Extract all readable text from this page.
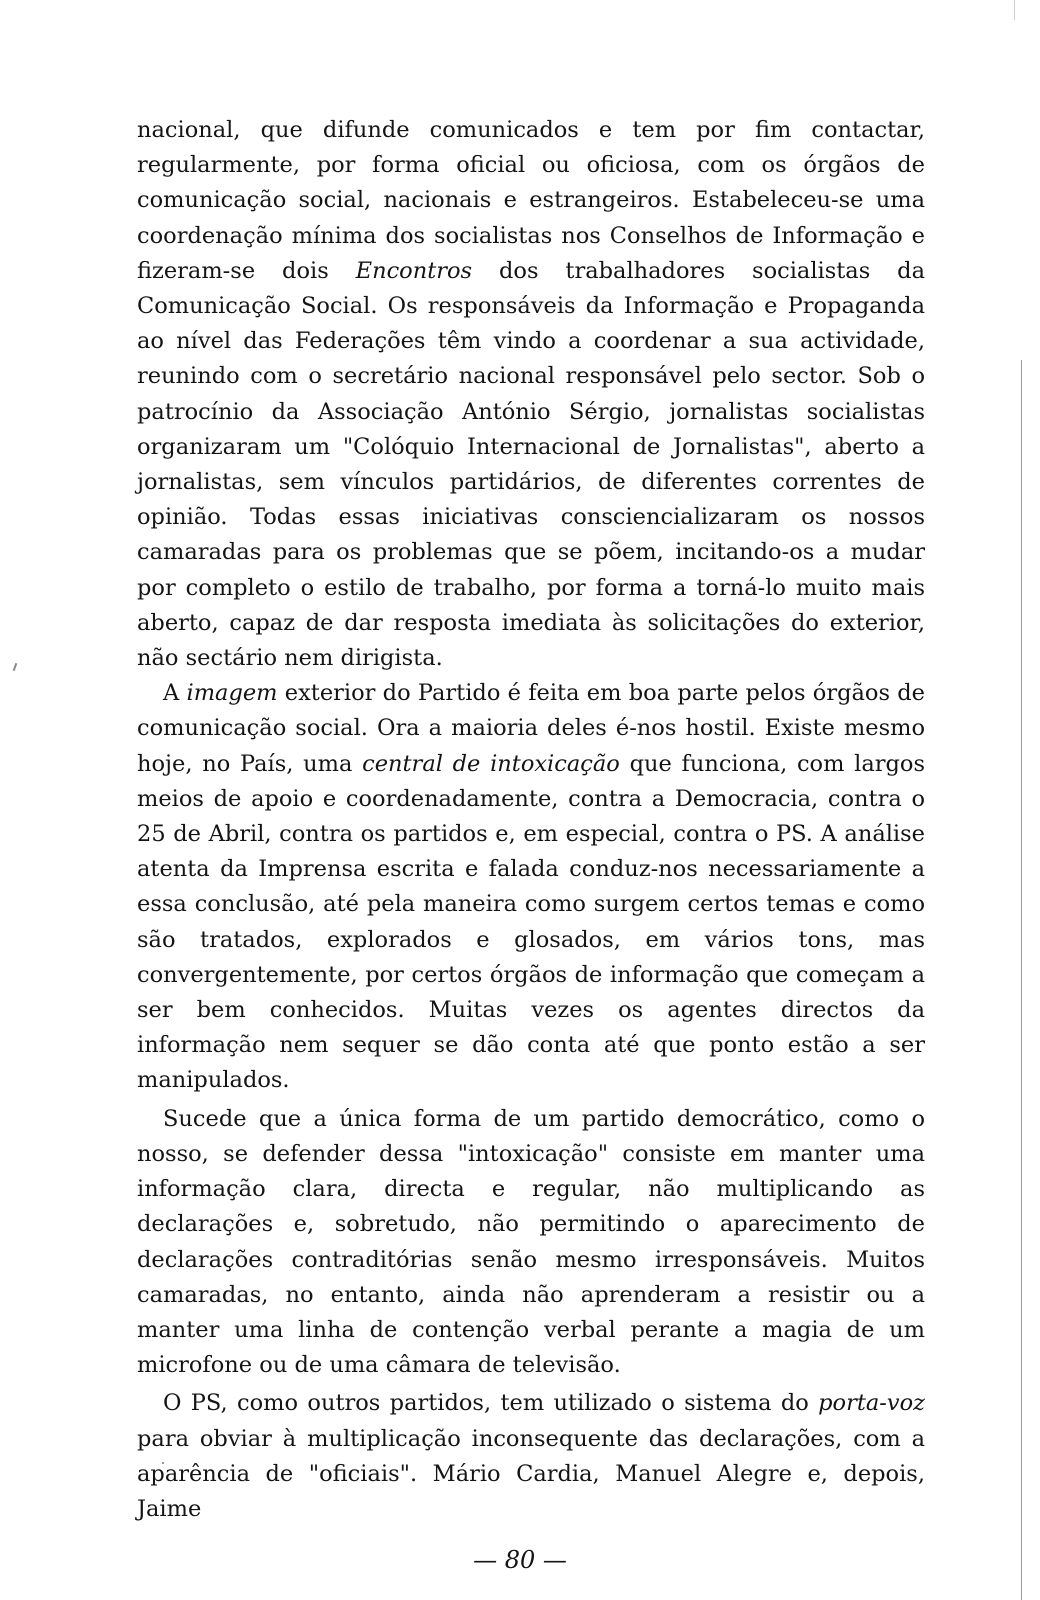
nacional, que difunde comunicados e tem por fim contactar, regularmente, por forma oficial ou oficiosa, com os órgãos de comunicação social, nacionais e estrangeiros. Estabeleceu-se uma coordenação mínima dos socialistas nos Conselhos de Informação e fizeram-se dois Encontros dos trabalhadores socialistas da Comunicação Social. Os responsáveis da Informação e Propaganda ao nível das Federações têm vindo a coordenar a sua actividade, reunindo com o secretário nacional responsável pelo sector. Sob o patrocínio da Associação António Sérgio, jornalistas socialistas organizaram um "Colóquio Internacional de Jornalistas", aberto a jornalistas, sem vínculos partidários, de diferentes correntes de opinião. Todas essas iniciativas consciencializaram os nossos camaradas para os problemas que se põem, incitando-os a mudar por completo o estilo de trabalho, por forma a torná-lo muito mais aberto, capaz de dar resposta imediata às solicitações do exterior, não sectário nem dirigista.

A imagem exterior do Partido é feita em boa parte pelos órgãos de comunicação social. Ora a maioria deles é-nos hostil. Existe mesmo hoje, no País, uma central de intoxicação que funciona, com largos meios de apoio e coordenadamente, contra a Democracia, contra o 25 de Abril, contra os partidos e, em especial, contra o PS. A análise atenta da Imprensa escrita e falada conduz-nos necessariamente a essa conclusão, até pela maneira como surgem certos temas e como são tratados, explorados e glosados, em vários tons, mas convergentemente, por certos órgãos de informação que começam a ser bem conhecidos. Muitas vezes os agentes directos da informação nem sequer se dão conta até que ponto estão a ser manipulados.

Sucede que a única forma de um partido democrático, como o nosso, se defender dessa "intoxicação" consiste em manter uma informação clara, directa e regular, não multiplicando as declarações e, sobretudo, não permitindo o aparecimento de declarações contraditórias senão mesmo irresponsáveis. Muitos camaradas, no entanto, ainda não aprenderam a resistir ou a manter uma linha de contenção verbal perante a magia de um microfone ou de uma câmara de televisão.

O PS, como outros partidos, tem utilizado o sistema do porta-voz para obviar à multiplicação inconsequente das declarações, com a aparência de "oficiais". Mário Cardia, Manuel Alegre e, depois, Jaime

— 80 —
